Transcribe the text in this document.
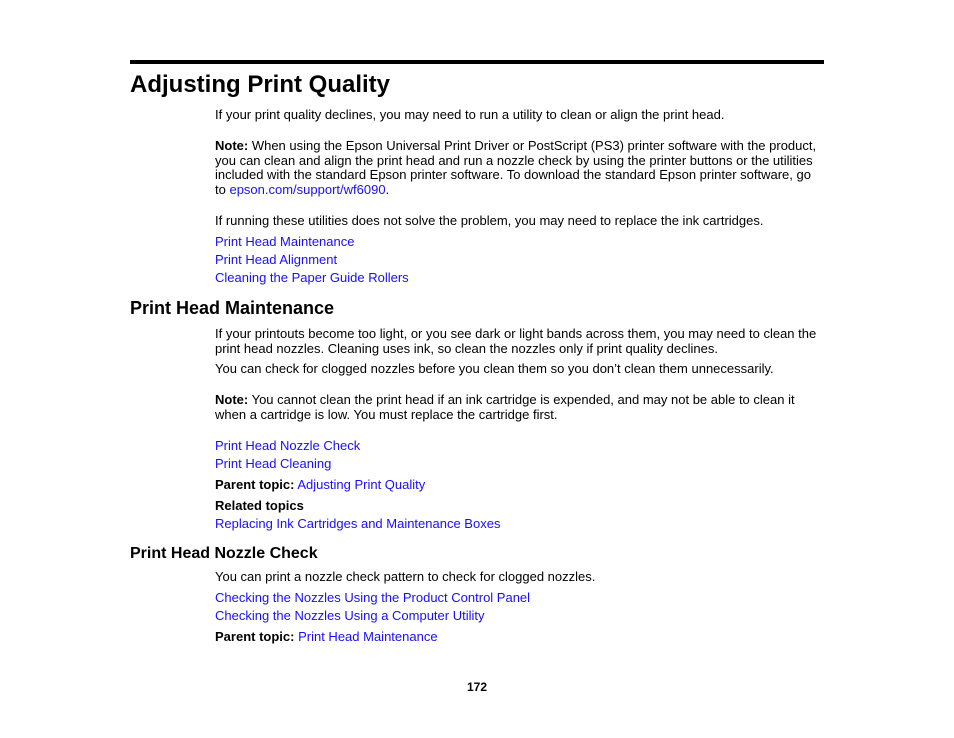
Adjusting Print Quality

If your print quality declines, you may need to run a utility to clean or align the print head.

Note: When using the Epson Universal Print Driver or PostScript (PS3) printer software with the product,

you can clean and align the print head and run a nozzle check by using the printer buttons or the utilities

included with the standard Epson printer software. To download the standard Epson printer software, go

to epson.com/support/wf6090.

If running these utilities does not solve the problem, you may need to replace the ink cartridges.

Print Head Maintenance
Print Head Alignment
Cleaning the Paper Guide Rollers
Print Head Maintenance

If your printouts become too light, or you see dark or light bands across them, you may need to clean the

print head nozzles. Cleaning uses ink, so clean the nozzles only if print quality declines.

You can check for clogged nozzles before you clean them so you don’t clean them unnecessarily.

Note: You cannot clean the print head if an ink cartridge is expended, and may not be able to clean it

when a cartridge is low. You must replace the cartridge first.

Print Head Nozzle Check
Print Head Cleaning

Parent topic: Adjusting Print Quality

Related topics

Replacing Ink Cartridges and Maintenance Boxes
Print Head Nozzle Check

You can print a nozzle check pattern to check for clogged nozzles.

Checking the Nozzles Using the Product Control Panel
Checking the Nozzles Using a Computer Utility

Parent topic: Print Head Maintenance

172
